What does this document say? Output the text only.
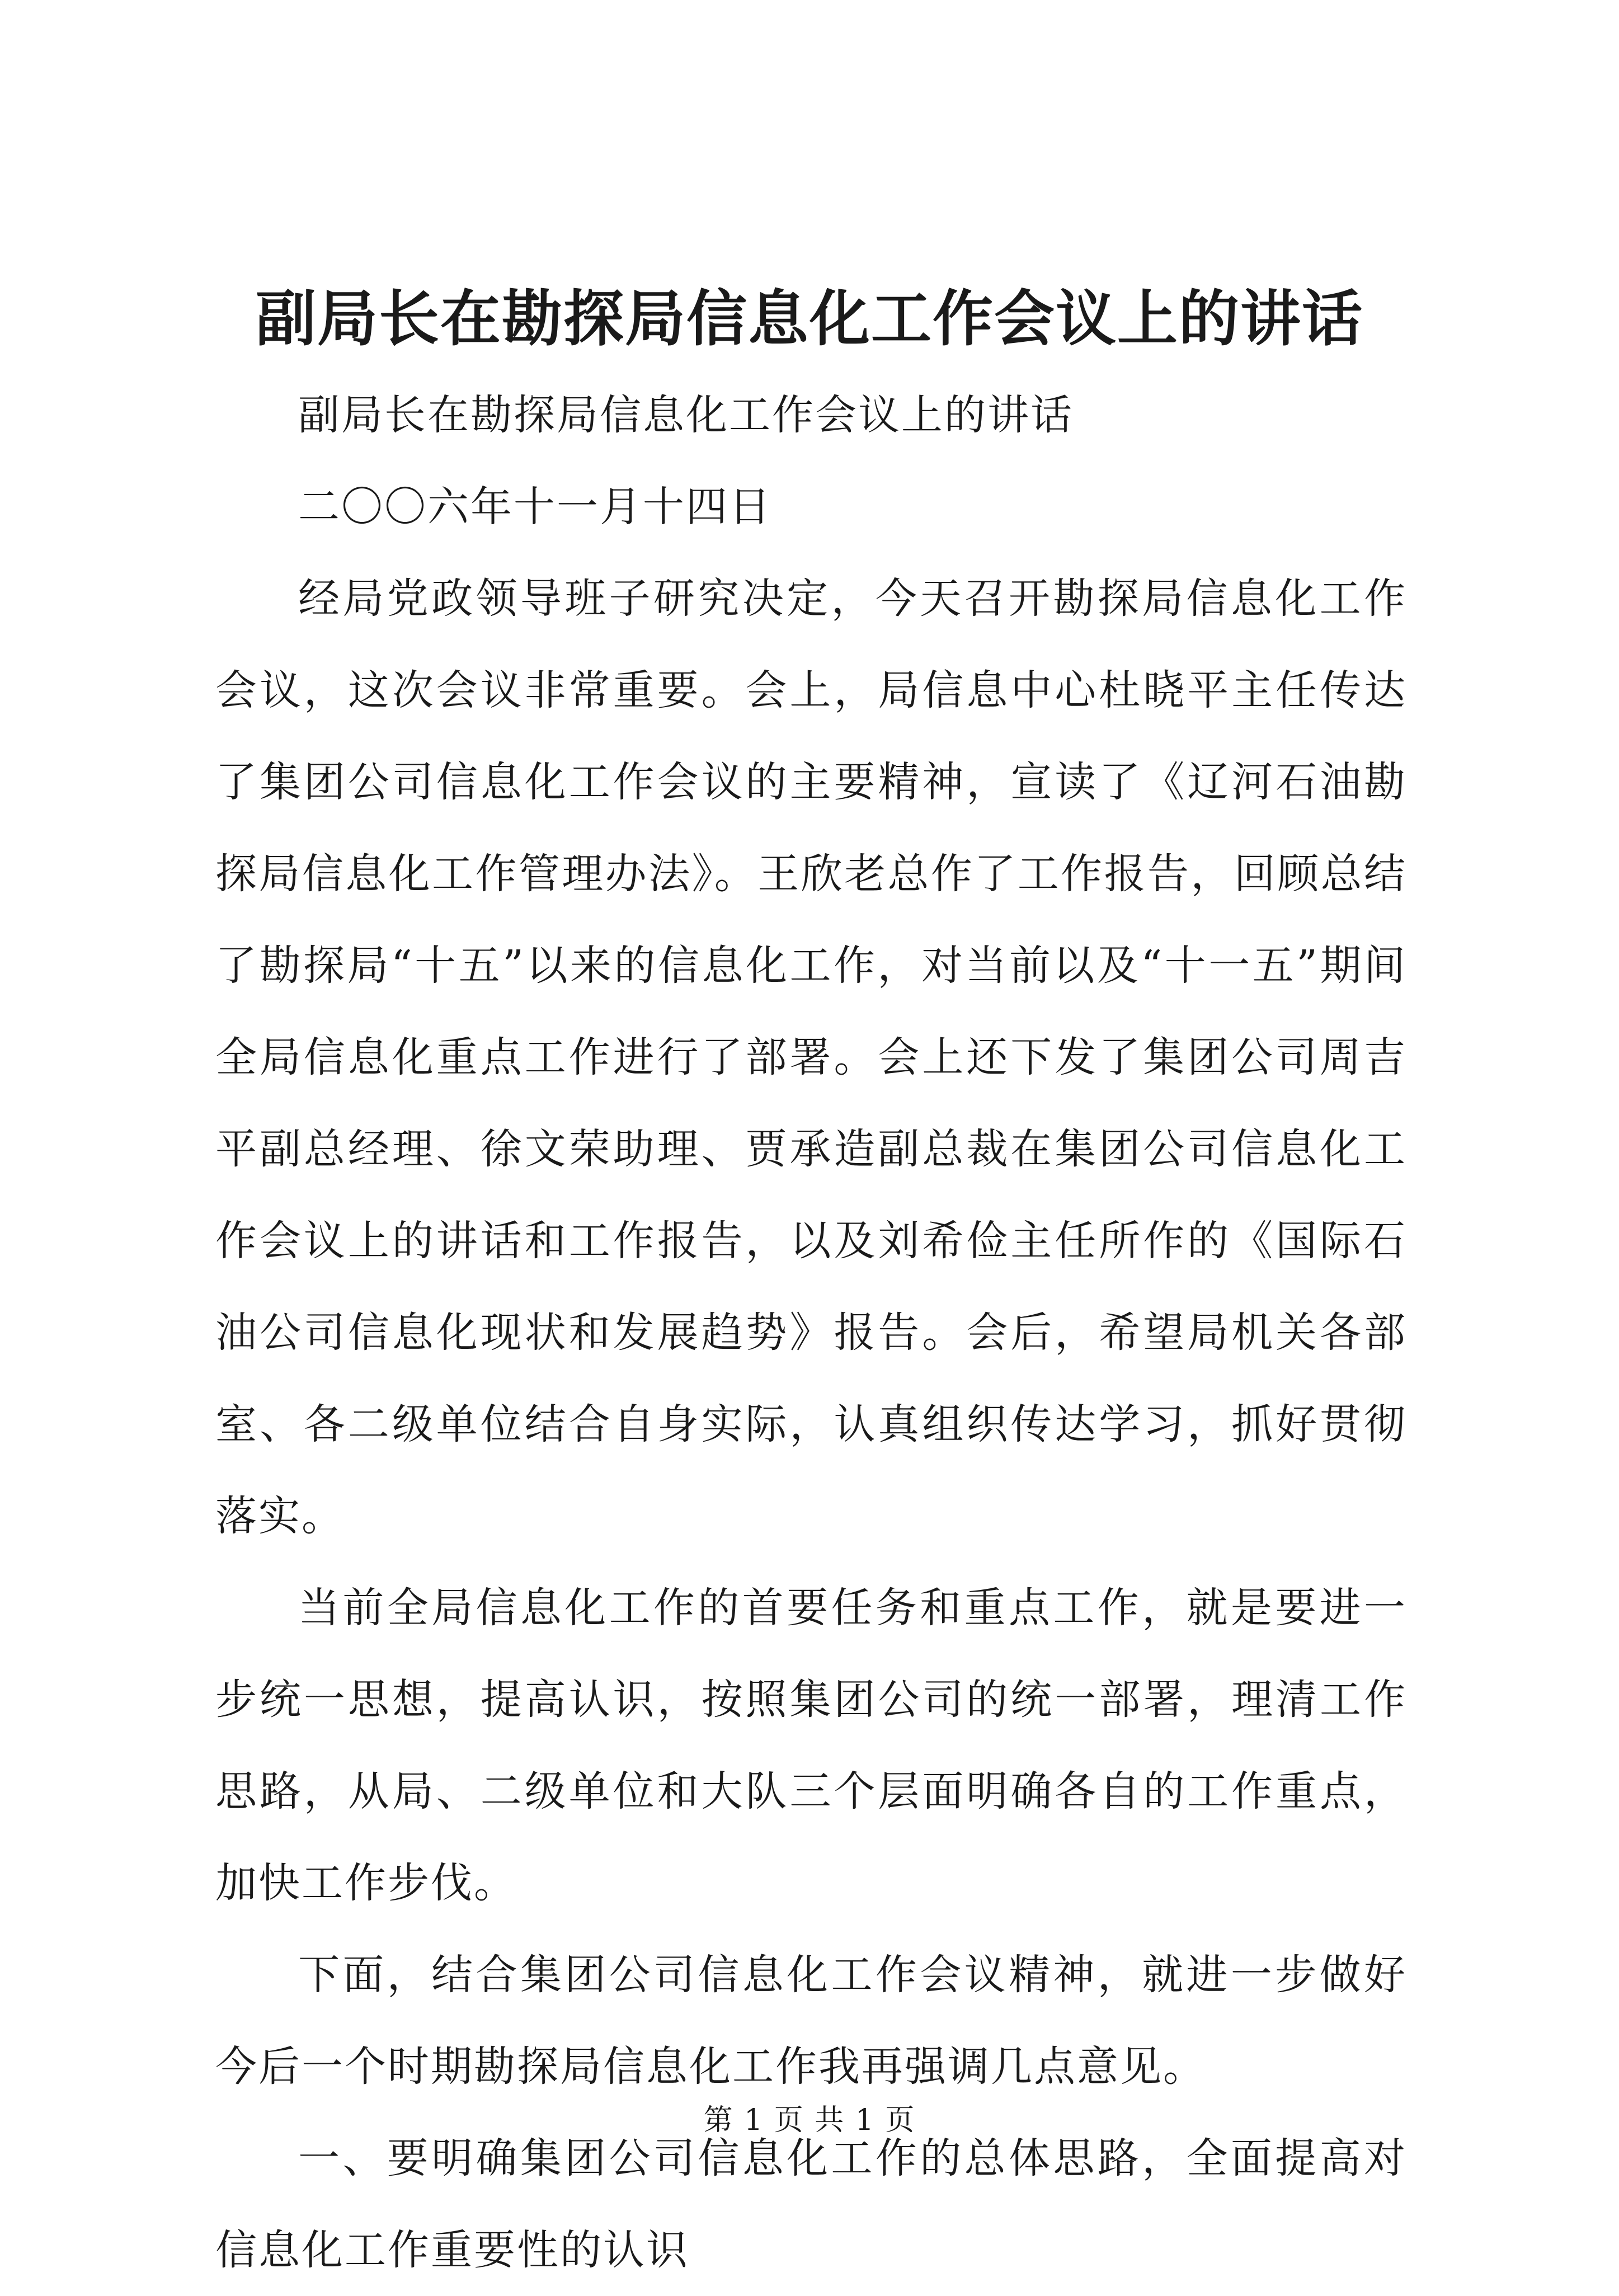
副局长在勘探局信息化工作会议上的讲话

副局长在勘探局信息化工作会议上的讲话

二〇〇六年十一月十四日

经局党政领导班子研究决定，今天召开勘探局信息化工作会议，这次会议非常重要。会上，局信息中心杜晓平主任传达了集团公司信息化工作会议的主要精神，宣读了《辽河石油勘探局信息化工作管理办法》。王欣老总作了工作报告，回顾总结了勘探局“十五”以来的信息化工作，对当前以及“十一五”期间全局信息化重点工作进行了部署。会上还下发了集团公司周吉平副总经理、徐文荣助理、贾承造副总裁在集团公司信息化工作会议上的讲话和工作报告，以及刘希俭主任所作的《国际石油公司信息化现状和发展趋势》报告。会后，希望局机关各部室、各二级单位结合自身实际，认真组织传达学习，抓好贯彻落实。

当前全局信息化工作的首要任务和重点工作，就是要进一步统一思想，提高认识，按照集团公司的统一部署，理清工作思路，从局、二级单位和大队三个层面明确各自的工作重点，加快工作步伐。

下面，结合集团公司信息化工作会议精神，就进一步做好今后一个时期勘探局信息化工作我再强调几点意见。

一、要明确集团公司信息化工作的总体思路，全面提高对信息化工作重要性的认识

第 1 页 共 1 页
